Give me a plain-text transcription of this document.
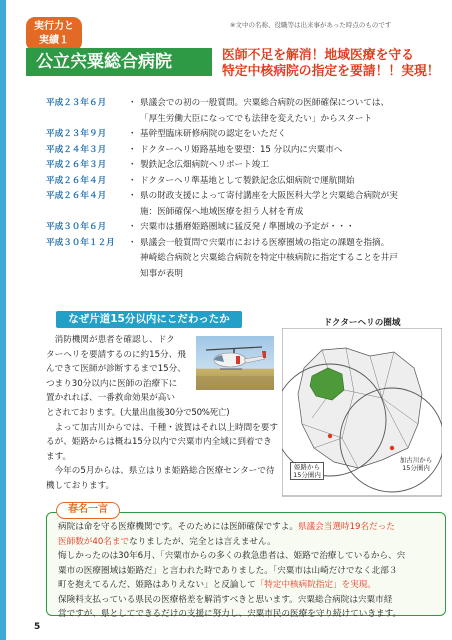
※文中の名称、役職等は出来事があった時点のものです
実行力と
実績１
公立宍粟総合病院	医師不足を解消！地域医療を守る
特定中核病院の指定を要請！！実現！
平成２３年６月	・ 県議会での初の一般質問。宍粟総合病院の医師確保については、
「厚生労働大臣になってでも法律を変えたい」からスタート
平成２３年９月	・ 基幹型臨床研修病院の認定をいただく
平成２４年３月	・ ドクターヘリ姫路基地を要望：15 分以内に宍粟市へ
平成２６年３月	・ 製鉄記念広畑病院ヘリポート竣工
平成２６年４月	・ ドクターヘリ準基地として製鉄記念広畑病院で運航開始
平成２６年４月	・ 県の財政支援によって寄付講座を大阪医科大学と宍粟総合病院が実
施：医師確保へ地域医療を担う人材を育成
平成３０年６月	・ 宍粟市は播磨姫路圏域に猛反発 / 準圏域の予定が・・・
平成３０年１２月	・ 県議会一般質問で宍粟市における医療圏域の指定の課題を指摘。
神崎総合病院と宍粟総合病院を特定中核病院に指定することを井戸
知事が表明
なぜ片道15分以内にこだわったか
消防機関が患者を確認し、ドク
ターヘリを要請するのに約15分、飛
んできて医師が診断するまで15分、
つまり30分以内に医師の治療下に
置かれれば、一番救命効果が高い
とされております。(大量出血後30分で50%死亡)
よって加古川からでは、千種・波賀はそれ以上時間を要するが、姫路からは概ね15分以内で宍粟市内全域に到着できます。
今年の5月からは、県立はりま姫路総合医療センターで待機しております。
ドクターヘリの圏域
姫路から
15分圏内
加古川から
15分圏内
春名一言
病院は命を守る医療機関です。そのためには医師確保ですよ。県議会当選時19名だった
医師数が40名までなりましたが、完全とは言えません。
悔しかったのは30年6月、「宍粟市からの多くの救急患者は、姫路で治療しているから、宍
粟市の医療圏域は姫路だ」と言われた時でありました。「宍粟市は山崎だけでなく北部３
町を抱えてるんだ、姫路はありえない」と反論して「特定中核病院指定」を実現。
保険料支払っている県民の医療格差を解消すべきと思います。宍粟総合病院は宍粟市経
営ですが、県としてできるだけの支援に努力し、宍粟市民の医療を守り続けていきます。
5
